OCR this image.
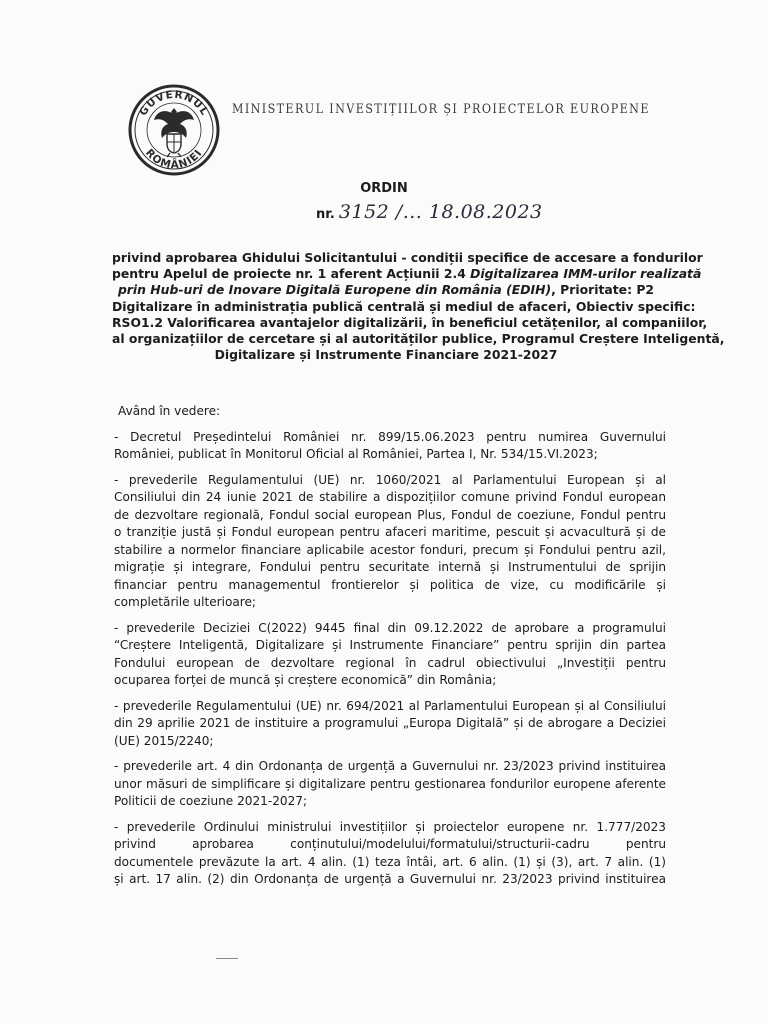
GUVERNUL
ROMÂNIEI
MINISTERUL INVESTIȚIILOR ȘI PROIECTELOR EUROPENE
ORDIN
nr. 3152 /... 18.08.2023
privind aprobarea Ghidului Solicitantului - condiții specifice de accesare a fondurilor
pentru Apelul de proiecte nr. 1 aferent Acțiunii 2.4 Digitalizarea IMM-urilor realizată
prin Hub-uri de Inovare Digitală Europene din România (EDIH), Prioritate: P2
Digitalizare în administrația publică centrală și mediul de afaceri, Obiectiv specific:
RSO1.2 Valorificarea avantajelor digitalizării, în beneficiul cetățenilor, al companiilor,
al organizațiilor de cercetare și al autorităților publice, Programul Creștere Inteligentă,
Digitalizare și Instrumente Financiare 2021-2027
Având în vedere:
- Decretul Președintelui României nr. 899/15.06.2023 pentru numirea Guvernului
României, publicat în Monitorul Oficial al României, Partea I, Nr. 534/15.VI.2023;
- prevederile Regulamentului (UE) nr. 1060/2021 al Parlamentului European și al
Consiliului din 24 iunie 2021 de stabilire a dispozițiilor comune privind Fondul european
de dezvoltare regională, Fondul social european Plus, Fondul de coeziune, Fondul pentru
o tranziție justă și Fondul european pentru afaceri maritime, pescuit și acvacultură și de
stabilire a normelor financiare aplicabile acestor fonduri, precum și Fondului pentru azil,
migrație și integrare, Fondului pentru securitate internă și Instrumentului de sprijin
financiar pentru managementul frontierelor și politica de vize, cu modificările și
completările ulterioare;
- prevederile Deciziei C(2022) 9445 final din 09.12.2022 de aprobare a programului
“Creștere Inteligentă, Digitalizare și Instrumente Financiare” pentru sprijin din partea
Fondului european de dezvoltare regional în cadrul obiectivului „Investiții pentru
ocuparea forței de muncă și creștere economică” din România;
- prevederile Regulamentului (UE) nr. 694/2021 al Parlamentului European și al Consiliului
din 29 aprilie 2021 de instituire a programului „Europa Digitală” și de abrogare a Deciziei
(UE) 2015/2240;
- prevederile art. 4 din Ordonanța de urgență a Guvernului nr. 23/2023 privind instituirea
unor măsuri de simplificare și digitalizare pentru gestionarea fondurilor europene aferente
Politicii de coeziune 2021-2027;
- prevederile Ordinului ministrului investițiilor și proiectelor europene nr. 1.777/2023
privind aprobarea conținutului/modelului/formatului/structurii-cadru pentru
documentele prevăzute la art. 4 alin. (1) teza întâi, art. 6 alin. (1) și (3), art. 7 alin. (1)
și art. 17 alin. (2) din Ordonanța de urgență a Guvernului nr. 23/2023 privind instituirea
